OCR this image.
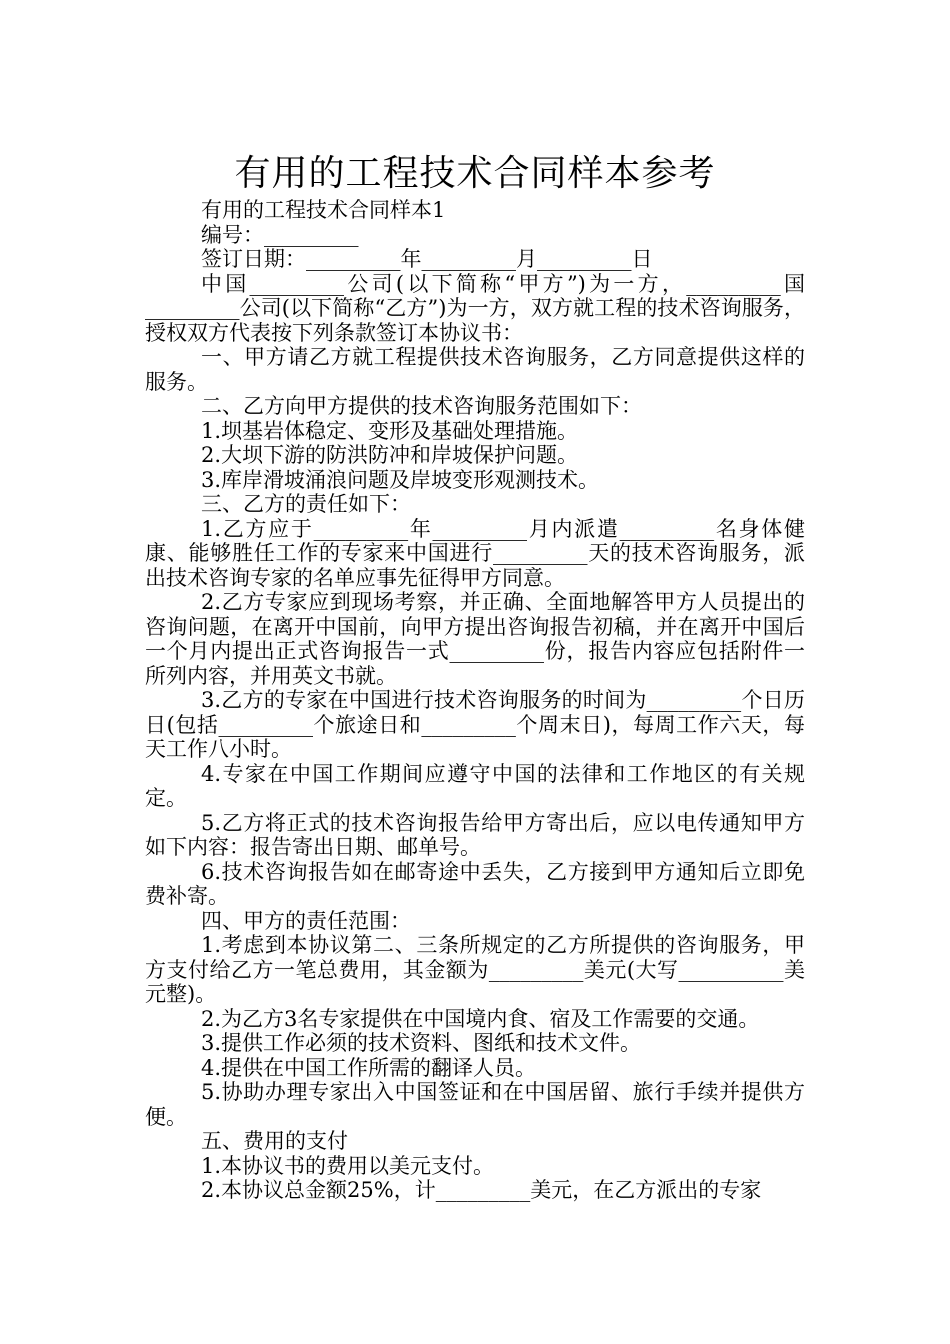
有用的工程技术合同样本参考

有用的工程技术合同样本1

编号：_________

签订日期：_________年_________月_________日

中国_________公司(以下简称“甲方”)为一方，_________国_________公司(以下简称“乙方”)为一方，双方就工程的技术咨询服务，授权双方代表按下列条款签订本协议书：

一、甲方请乙方就工程提供技术咨询服务，乙方同意提供这样的服务。

二、乙方向甲方提供的技术咨询服务范围如下：

1.坝基岩体稳定、变形及基础处理措施。

2.大坝下游的防洪防冲和岸坡保护问题。

3.库岸滑坡涌浪问题及岸坡变形观测技术。

三、乙方的责任如下：

1.乙方应于_________年_________月内派遣_________名身体健康、能够胜任工作的专家来中国进行_________天的技术咨询服务，派出技术咨询专家的名单应事先征得甲方同意。

2.乙方专家应到现场考察，并正确、全面地解答甲方人员提出的咨询问题，在离开中国前，向甲方提出咨询报告初稿，并在离开中国后一个月内提出正式咨询报告一式_________份，报告内容应包括附件一所列内容，并用英文书就。

3.乙方的专家在中国进行技术咨询服务的时间为_________个日历日(包括_________个旅途日和_________个周末日)，每周工作六天，每天工作八小时。

4.专家在中国工作期间应遵守中国的法律和工作地区的有关规定。

5.乙方将正式的技术咨询报告给甲方寄出后，应以电传通知甲方如下内容：报告寄出日期、邮单号。

6.技术咨询报告如在邮寄途中丢失，乙方接到甲方通知后立即免费补寄。

四、甲方的责任范围：

1.考虑到本协议第二、三条所规定的乙方所提供的咨询服务，甲方支付给乙方一笔总费用，其金额为_________美元(大写__________美元整)。

2.为乙方3名专家提供在中国境内食、宿及工作需要的交通。

3.提供工作必须的技术资料、图纸和技术文件。

4.提供在中国工作所需的翻译人员。

5.协助办理专家出入中国签证和在中国居留、旅行手续并提供方便。

五、费用的支付

1.本协议书的费用以美元支付。

2.本协议总金额25%，计_________美元，在乙方派出的专家
